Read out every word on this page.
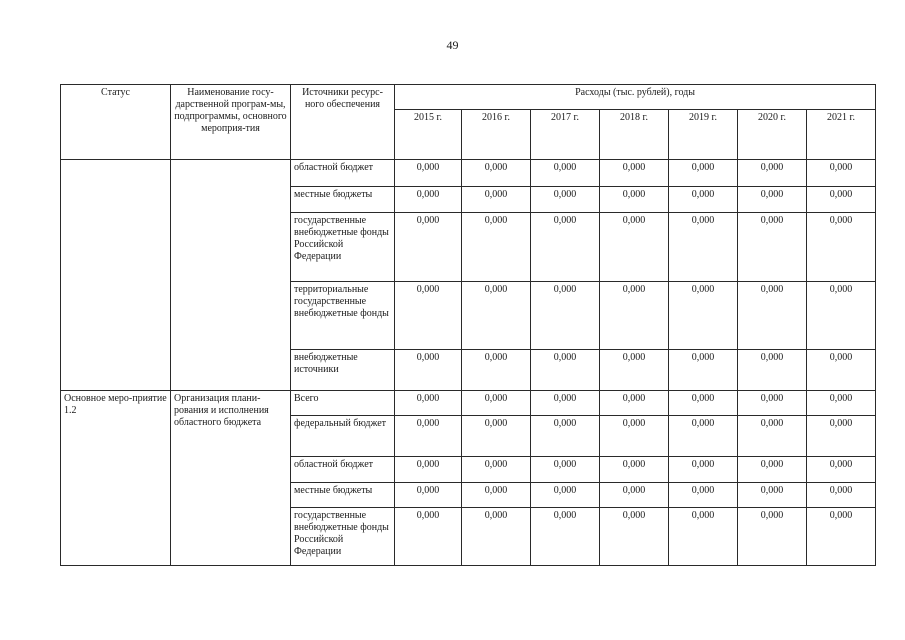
49
Статус	Наименование госу-дарственной програм-мы, подпрограммы, основного мероприя-тия	Источники ресурс-ного обеспечения	Расходы (тыс. рублей), годы						
			2015 г.	2016 г.	2017 г.	2018 г.	2019 г.	2020 г.	2021 г.
		областной бюджет	0,000	0,000	0,000	0,000	0,000	0,000	0,000
		местные бюджеты	0,000	0,000	0,000	0,000	0,000	0,000	0,000
		государственные внебюджетные фонды Российской Федерации	0,000	0,000	0,000	0,000	0,000	0,000	0,000
		территориальные государственные внебюджетные фонды	0,000	0,000	0,000	0,000	0,000	0,000	0,000
		внебюджетные источники	0,000	0,000	0,000	0,000	0,000	0,000	0,000
Основное меро-приятие 1.2	Организация плани-рования и исполнения областного бюджета	Всего	0,000	0,000	0,000	0,000	0,000	0,000	0,000
		федеральный бюджет	0,000	0,000	0,000	0,000	0,000	0,000	0,000
		областной бюджет	0,000	0,000	0,000	0,000	0,000	0,000	0,000
		местные бюджеты	0,000	0,000	0,000	0,000	0,000	0,000	0,000
		государственные внебюджетные фонды Российской Федерации	0,000	0,000	0,000	0,000	0,000	0,000	0,000
